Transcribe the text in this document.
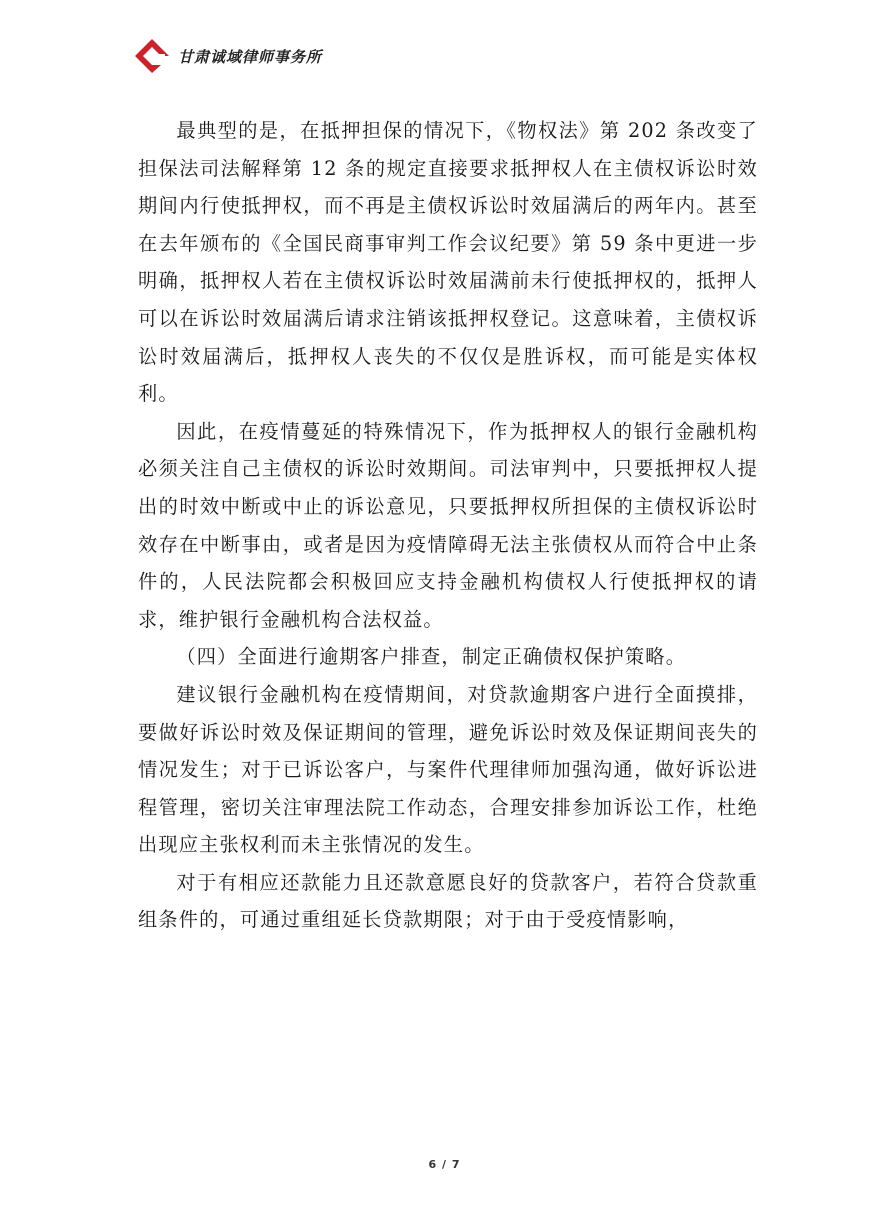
甘肃诚域律师事务所

最典型的是，在抵押担保的情况下，《物权法》第 202 条改变了担保法司法解释第 12 条的规定直接要求抵押权人在主债权诉讼时效期间内行使抵押权，而不再是主债权诉讼时效届满后的两年内。甚至在去年颁布的《全国民商事审判工作会议纪要》第 59 条中更进一步明确，抵押权人若在主债权诉讼时效届满前未行使抵押权的，抵押人可以在诉讼时效届满后请求注销该抵押权登记。这意味着，主债权诉讼时效届满后，抵押权人丧失的不仅仅是胜诉权，而可能是实体权利。

因此，在疫情蔓延的特殊情况下，作为抵押权人的银行金融机构必须关注自己主债权的诉讼时效期间。司法审判中，只要抵押权人提出的时效中断或中止的诉讼意见，只要抵押权所担保的主债权诉讼时效存在中断事由，或者是因为疫情障碍无法主张债权从而符合中止条件的，人民法院都会积极回应支持金融机构债权人行使抵押权的请求，维护银行金融机构合法权益。

（四）全面进行逾期客户排查，制定正确债权保护策略。

建议银行金融机构在疫情期间，对贷款逾期客户进行全面摸排，要做好诉讼时效及保证期间的管理，避免诉讼时效及保证期间丧失的情况发生；对于已诉讼客户，与案件代理律师加强沟通，做好诉讼进程管理，密切关注审理法院工作动态，合理安排参加诉讼工作，杜绝出现应主张权利而未主张情况的发生。

对于有相应还款能力且还款意愿良好的贷款客户，若符合贷款重组条件的，可通过重组延长贷款期限；对于由于受疫情影响，

6 / 7
